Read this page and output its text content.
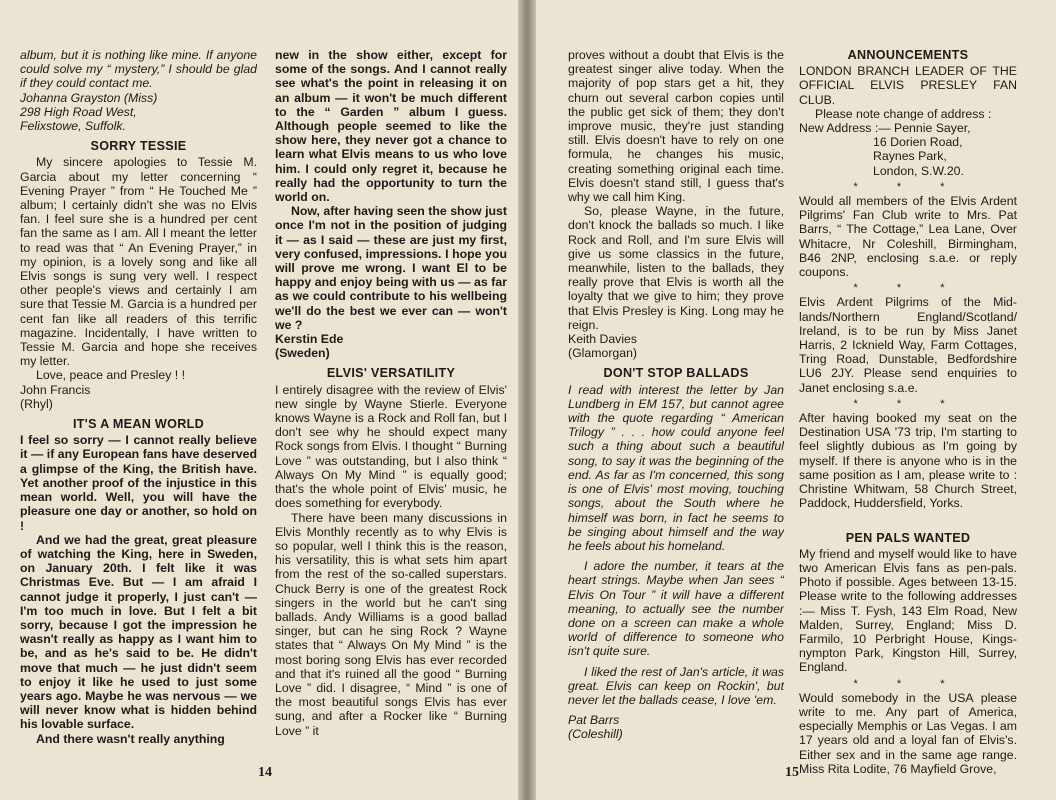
album, but it is nothing like mine. If anyone could solve my “ mystery,” I should be glad if they could contact me.

Johanna Grayston (Miss)

298 High Road West,

Felixstowe, Suffolk.

SORRY TESSIE

My sincere apologies to Tessie M. Garcia about my letter concerning “ Evening Prayer ” from “ He Touched Me ” album; I certainly didn't she was no Elvis fan. I feel sure she is a hundred per cent fan the same as I am. All I meant the letter to read was that “ An Evening Prayer,” in my opinion, is a lovely song and like all Elvis songs is sung very well. I respect other people's views and certainly I am sure that Tessie M. Garcia is a hundred per cent fan like all readers of this terrific magazine. Incidentally, I have written to Tessie M. Garcia and hope she receives my letter.

Love, peace and Presley ! !

John Francis

(Rhyl)

IT'S A MEAN WORLD

I feel so sorry — I cannot really believe it — if any European fans have deserved a glimpse of the King, the British have. Yet another proof of the injustice in this mean world. Well, you will have the pleasure one day or another, so hold on !

And we had the great, great pleasure of watching the King, here in Sweden, on January 20th. I felt like it was Christmas Eve. But — I am afraid I cannot judge it properly, I just can't — I'm too much in love. But I felt a bit sorry, because I got the impression he wasn't really as happy as I want him to be, and as he's said to be. He didn't move that much — he just didn't seem to enjoy it like he used to just some years ago. Maybe he was nervous — we will never know what is hidden behind his lovable surface.

And there wasn't really anything

new in the show either, except for some of the songs. And I cannot really see what's the point in releasing it on an album — it won't be much different to the “ Garden ” album I guess. Although people seemed to like the show here, they never got a chance to learn what Elvis means to us who love him. I could only regret it, because he really had the opportunity to turn the world on.

Now, after having seen the show just once I'm not in the position of judging it — as I said — these are just my first, very confused, impressions. I hope you will prove me wrong. I want El to be happy and enjoy being with us — as far as we could contribute to his wellbeing we'll do the best we ever can — won't we ?

Kerstin Ede

(Sweden)

ELVIS' VERSATILITY

I entirely disagree with the review of Elvis' new single by Wayne Stierle. Everyone knows Wayne is a Rock and Roll fan, but I don't see why he should expect many Rock songs from Elvis. I thought “ Burning Love ” was outstanding, but I also think “ Always On My Mind ” is equally good; that's the whole point of Elvis' music, he does something for everybody.

There have been many discussions in Elvis Monthly recently as to why Elvis is so popular, well I think this is the reason, his versatility, this is what sets him apart from the rest of the so-called superstars. Chuck Berry is one of the greatest Rock singers in the world but he can't sing ballads. Andy Williams is a good ballad singer, but can he sing Rock ? Wayne states that “ Always On My Mind ” is the most boring song Elvis has ever recorded and that it's ruined all the good “ Burning Love ” did. I disagree, “ Mind ” is one of the most beautiful songs Elvis has ever sung, and after a Rocker like “ Burning Love ” it

proves without a doubt that Elvis is the greatest singer alive today. When the majority of pop stars get a hit, they churn out several carbon copies until the public get sick of them; they don't improve music, they're just standing still. Elvis doesn't have to rely on one formula, he changes his music, creating something original each time. Elvis doesn't stand still, I guess that's why we call him King.

So, please Wayne, in the future, don't knock the ballads so much. I like Rock and Roll, and I'm sure Elvis will give us some classics in the future, meanwhile, listen to the ballads, they really prove that Elvis is worth all the loyalty that we give to him; they prove that Elvis Presley is King. Long may he reign.

Keith Davies

(Glamorgan)

DON'T STOP BALLADS

I read with interest the letter by Jan Lundberg in EM 157, but cannot agree with the quote regarding “ American Trilogy ” . . . how could anyone feel such a thing about such a beautiful song, to say it was the beginning of the end. As far as I'm concerned, this song is one of Elvis' most moving, touching songs, about the South where he himself was born, in fact he seems to be singing about himself and the way he feels about his homeland.

I adore the number, it tears at the heart strings. Maybe when Jan sees “ Elvis On Tour ” it will have a different meaning, to actually see the number done on a screen can make a whole world of difference to someone who isn't quite sure.

I liked the rest of Jan's article, it was great. Elvis can keep on Rockin', but never let the ballads cease, I love 'em.

Pat Barrs

(Coleshill)

ANNOUNCEMENTS

LONDON BRANCH LEADER OF THE OFFICIAL ELVIS PRESLEY FAN CLUB.

Please note change of address :

New Address :— Pennie Sayer,

16 Dorien Road,

Raynes Park,

London, S.W.20.

* * *

Would all members of the Elvis Ardent Pilgrims' Fan Club write to Mrs. Pat Barrs, “ The Cottage,” Lea Lane, Over Whitacre, Nr Coleshill, Birmingham, B46 2NP, enclosing s.a.e. or reply coupons.

* * *

Elvis Ardent Pilgrims of the Midlands/Northern England/Scotland/ Ireland, is to be run by Miss Janet Harris, 2 Icknield Way, Farm Cottages, Tring Road, Dunstable, Bedfordshire LU6 2JY. Please send enquiries to Janet enclosing s.a.e.

* * *

After having booked my seat on the Destination USA '73 trip, I'm starting to feel slightly dubious as I'm going by myself. If there is anyone who is in the same position as I am, please write to : Christine Whitwam, 58 Church Street, Paddock, Huddersfield, Yorks.

PEN PALS WANTED

My friend and myself would like to have two American Elvis fans as pen-pals. Photo if possible. Ages between 13-15. Please write to the following addresses :— Miss T. Fysh, 143 Elm Road, New Malden, Surrey, England; Miss D. Farmilo, 10 Perbright House, Kingsnympton Park, Kingston Hill, Surrey, England.

* * *

Would somebody in the USA please write to me. Any part of America, especially Memphis or Las Vegas. I am 17 years old and a loyal fan of Elvis's. Either sex and in the same age range. Miss Rita Lodite, 76 Mayfield Grove,

14	15
